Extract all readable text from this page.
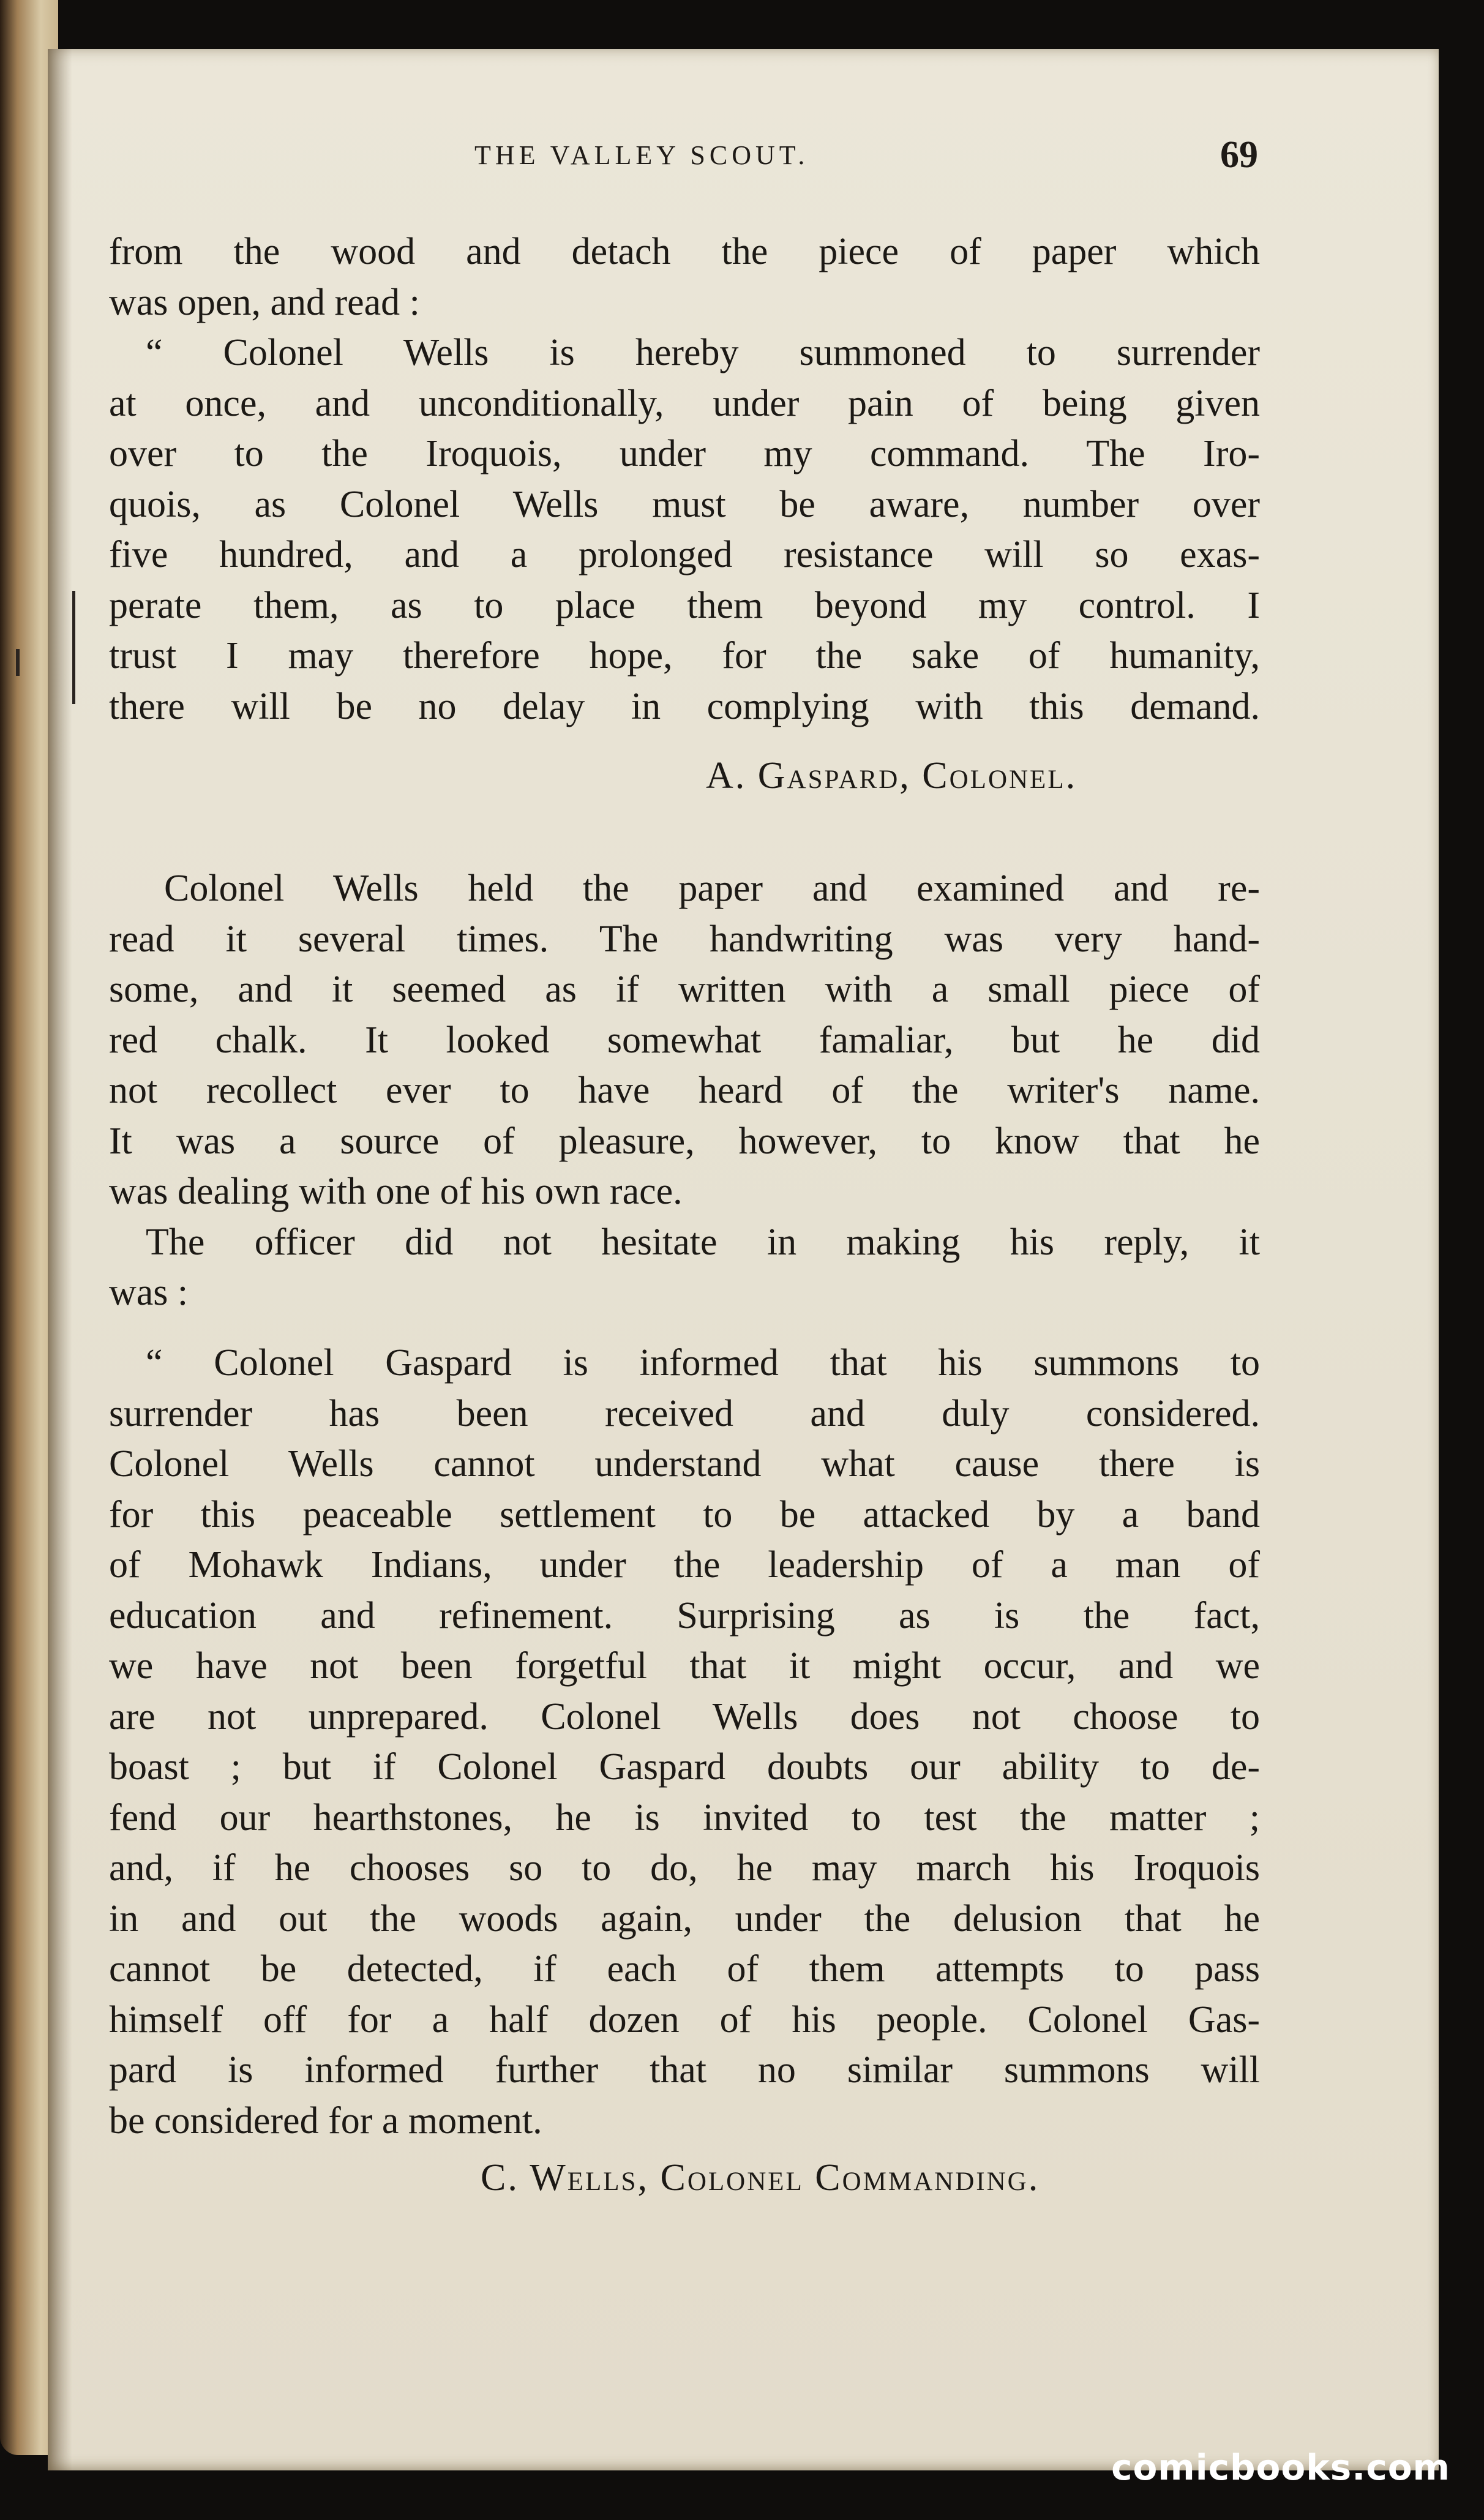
THE VALLEY SCOUT.	69
from the wood and detach the piece of paper which
was open, and read :
“ Colonel Wells is hereby summoned to surrender
at once, and unconditionally, under pain of being given
over to the Iroquois, under my command. The Iro-
quois, as Colonel Wells must be aware, number over
five hundred, and a prolonged resistance will so exas-
perate them, as to place them beyond my control. I
trust I may therefore hope, for the sake of humanity,
there will be no delay in complying with this demand.
A. Gaspard, Colonel.
Colonel Wells held the paper and examined and re-
read it several times. The handwriting was very hand-
some, and it seemed as if written with a small piece of
red chalk. It looked somewhat famaliar, but he did
not recollect ever to have heard of the writer's name.
It was a source of pleasure, however, to know that he
was dealing with one of his own race.
The officer did not hesitate in making his reply, it
was :
“ Colonel Gaspard is informed that his summons to
surrender has been received and duly considered.
Colonel Wells cannot understand what cause there is
for this peaceable settlement to be attacked by a band
of Mohawk Indians, under the leadership of a man of
education and refinement. Surprising as is the fact,
we have not been forgetful that it might occur, and we
are not unprepared. Colonel Wells does not choose to
boast ; but if Colonel Gaspard doubts our ability to de-
fend our hearthstones, he is invited to test the matter ;
and, if he chooses so to do, he may march his Iroquois
in and out the woods again, under the delusion that he
cannot be detected, if each of them attempts to pass
himself off for a half dozen of his people. Colonel Gas-
pard is informed further that no similar summons will
be considered for a moment.
C. Wells, Colonel Commanding.
comicbooks.com
